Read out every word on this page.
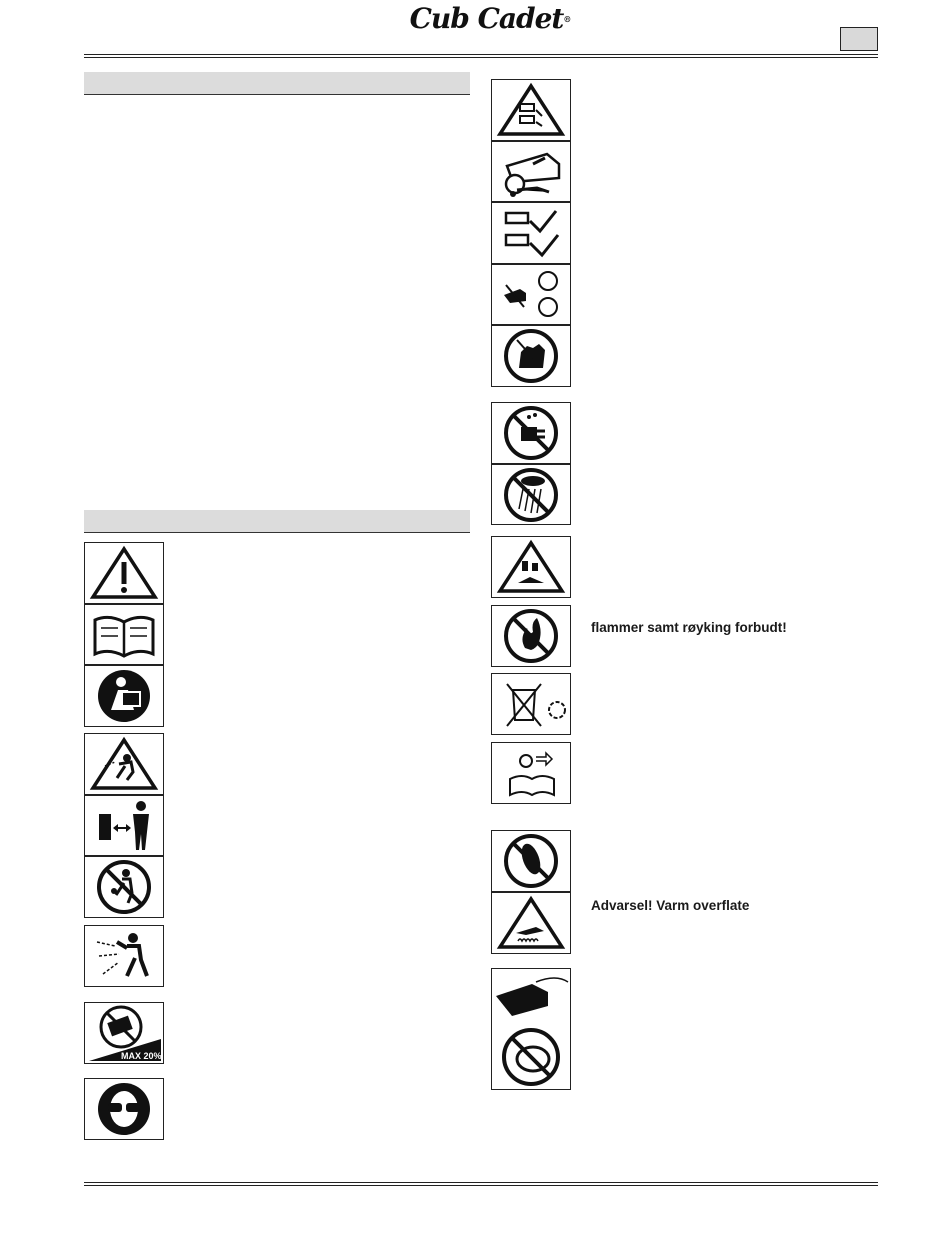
Cub Cadet®
MAX 20%
flammer samt røyking forbudt!
Advarsel! Varm overflate
